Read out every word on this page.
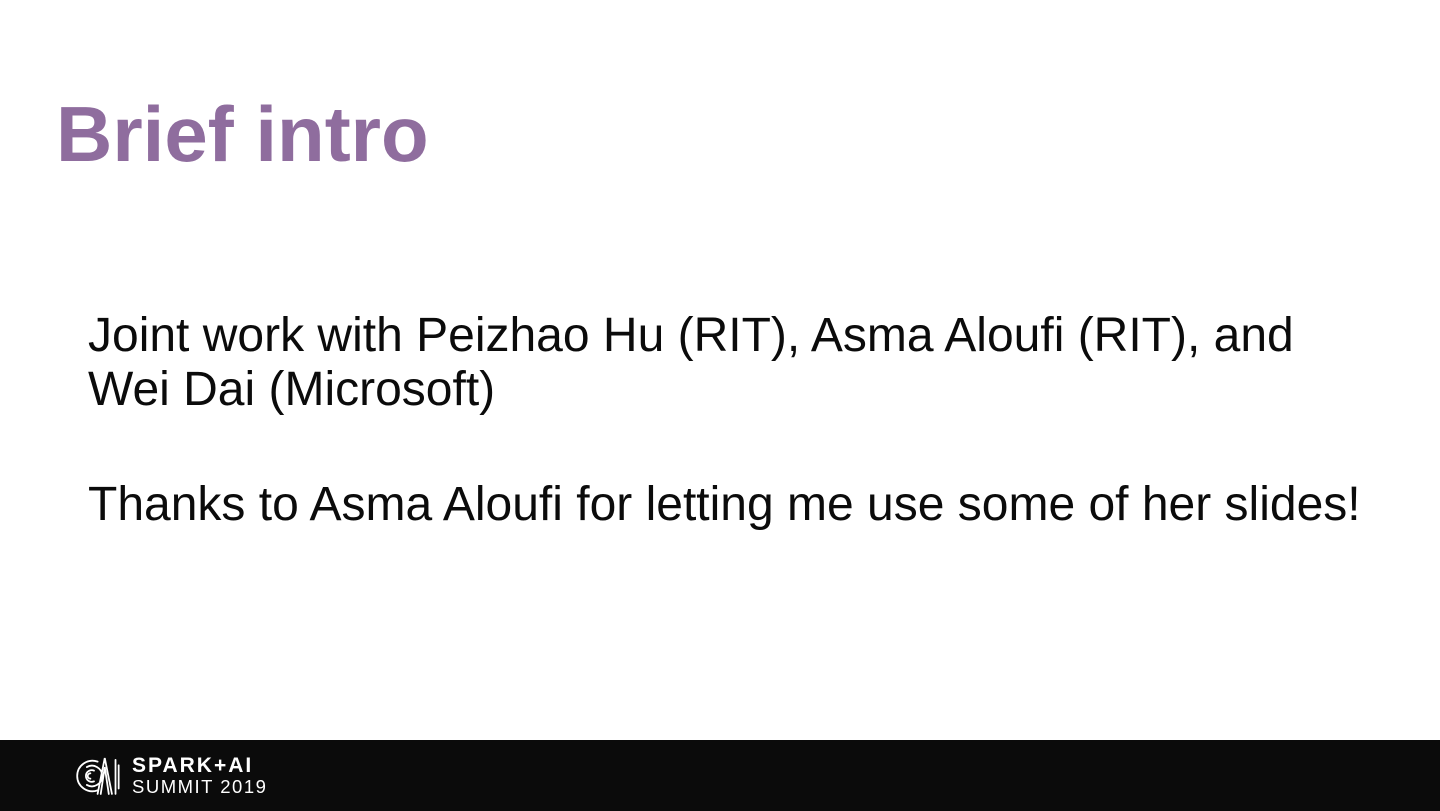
Brief intro

Joint work with Peizhao Hu (RIT), Asma Aloufi (RIT), and
Wei Dai (Microsoft)

Thanks to Asma Aloufi for letting me use some of her slides!

SPARK+AI
SUMMIT 2019
